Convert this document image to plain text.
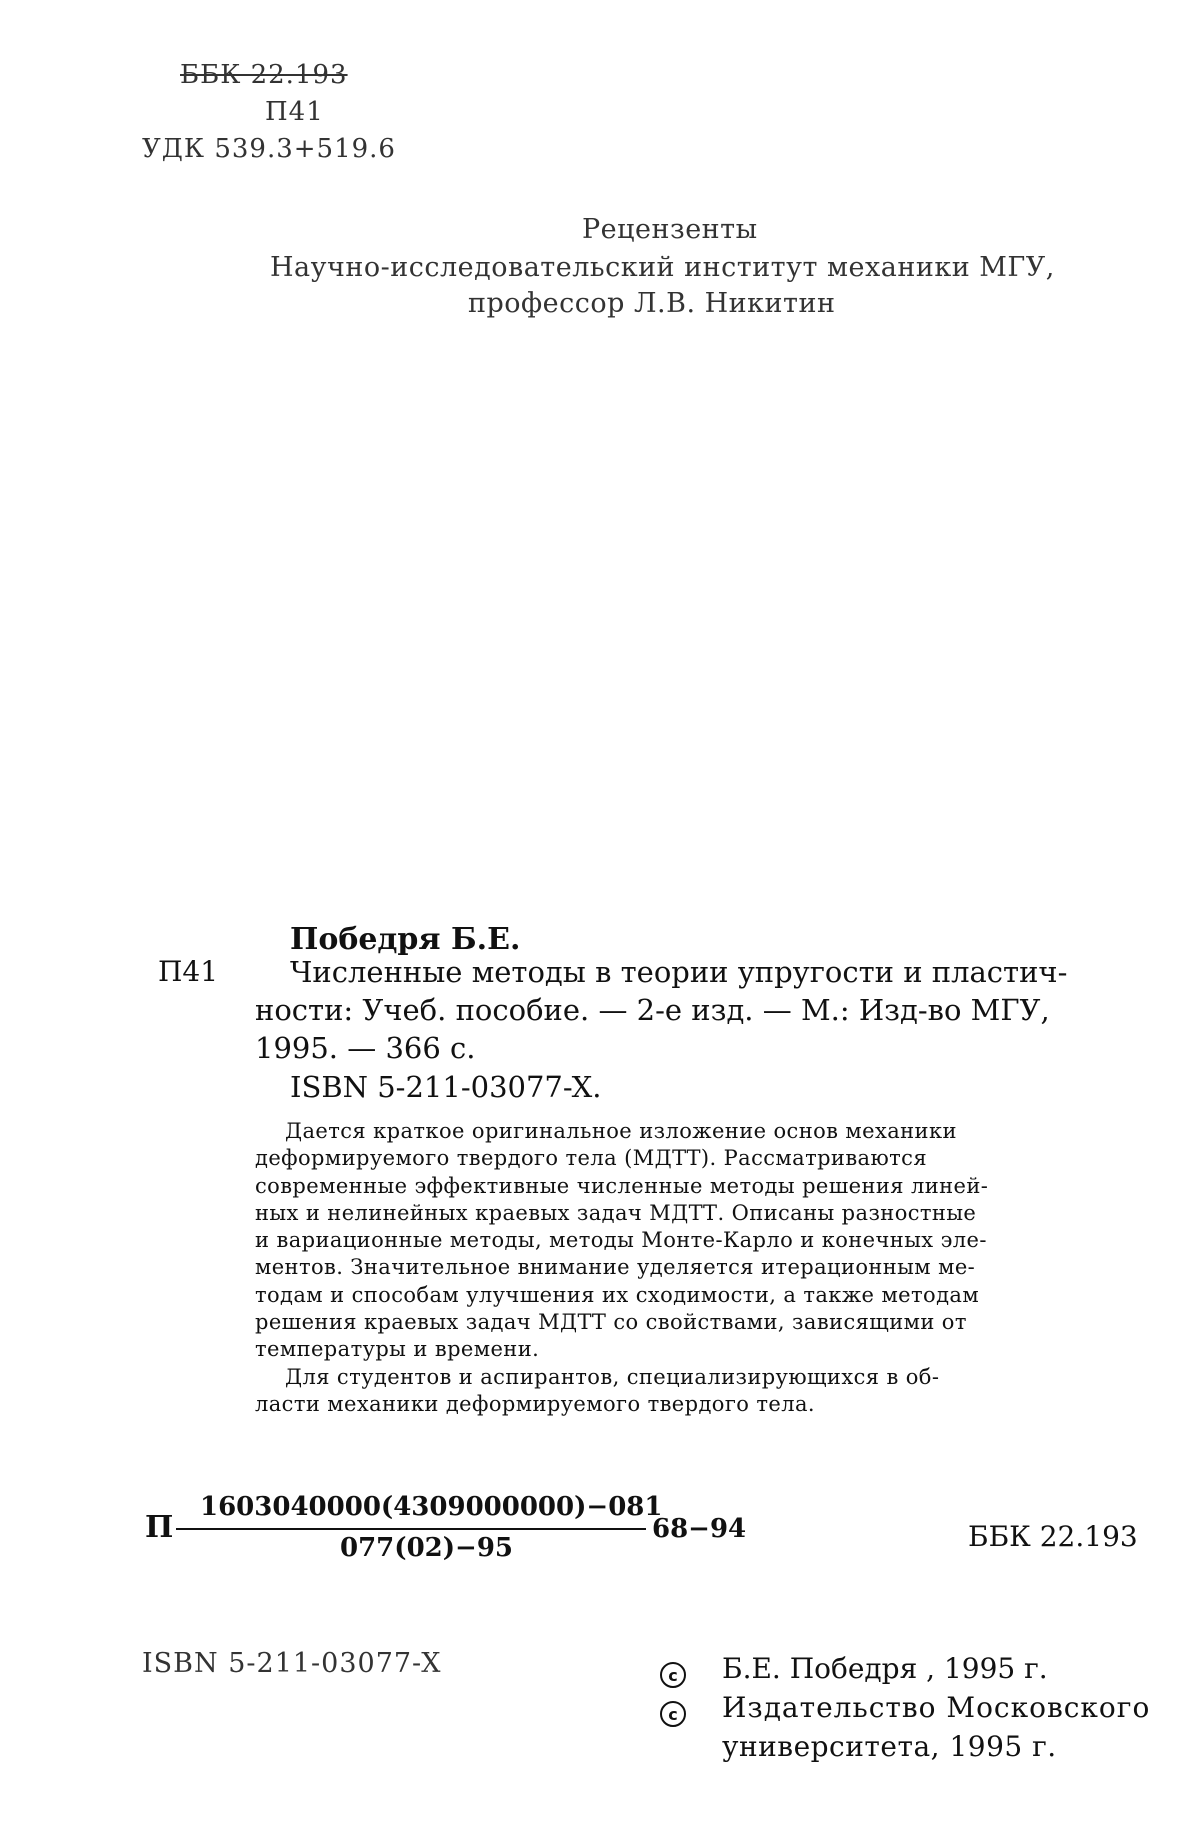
ББК 22.193
П41
УДК 539.3+519.6
Рецензенты
Научно-исследовательский институт механики МГУ,
профессор Л.В. Никитин
Победря Б.Е.
П41 Численные методы в теории упругости и пластич-
ности: Учеб. пособие. — 2-е изд. — М.: Изд-во МГУ,
1995. — 366 с.
ISBN 5-211-03077-X.
Дается краткое оригинальное изложение основ механики
деформируемого твердого тела (МДТТ). Рассматриваются
современные эффективные численные методы решения линей-
ных и нелинейных краевых задач МДТТ. Описаны разностные
и вариационные методы, методы Монте-Карло и конечных эле-
ментов. Значительное внимание уделяется итерационным ме-
тодам и способам улучшения их сходимости, а также методам
решения краевых задач МДТТ со свойствами, зависящими от
температуры и времени.
Для студентов и аспирантов, специализирующихся в об-
ласти механики деформируемого твердого тела.
П
1603040000(4309000000)−081
077(02)−95
68−94	ББК 22.193
ISBN 5-211-03077-X	c Б.Е. Победря , 1995 г.
c Издательство Московского
университета, 1995 г.
